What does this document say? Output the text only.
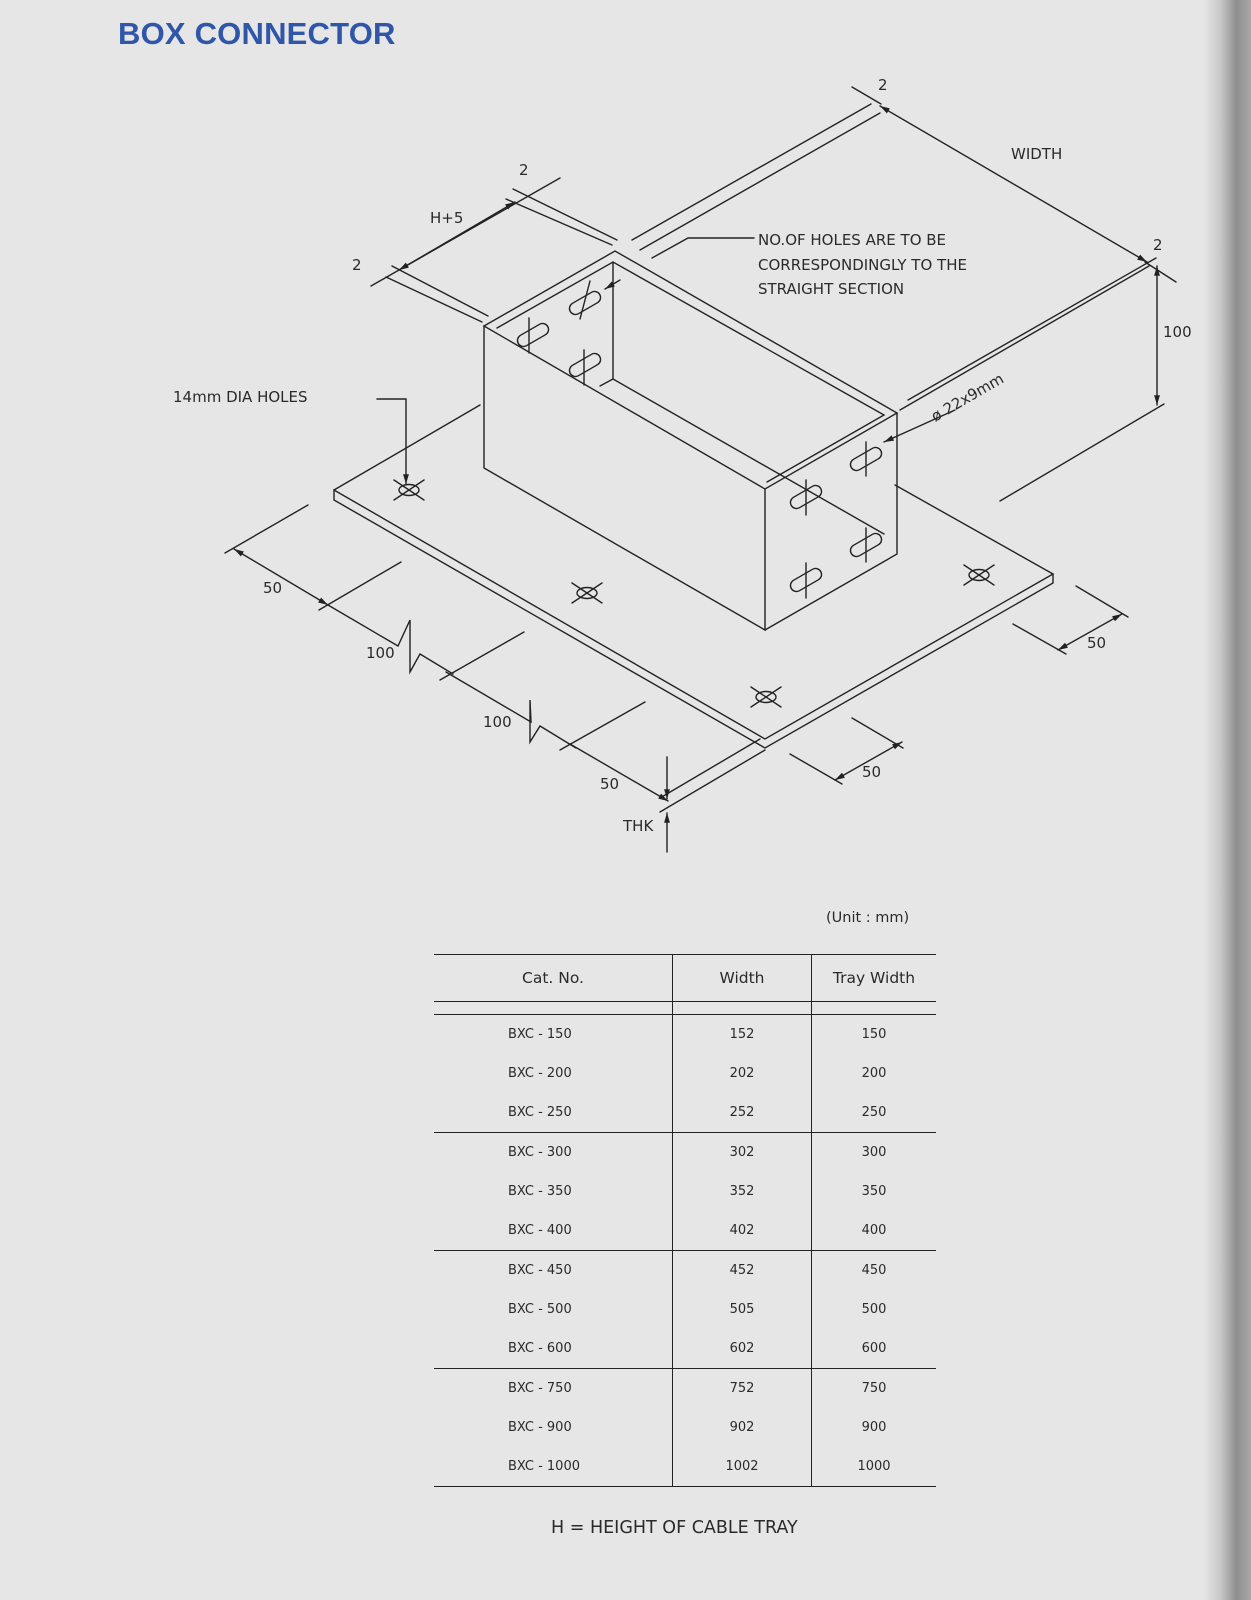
BOX CONNECTOR
WIDTH
H+5
2
2
2
2
100
ø 22x9mm
NO.OF HOLES ARE TO BE
CORRESPONDINGLY TO THE
STRAIGHT SECTION
14mm DIA HOLES
50
100
100
50
THK
50
50
(Unit : mm)
Cat. No.	Width	Tray Width

BXC - 150	152	150
BXC - 200	202	200
BXC - 250	252	250
BXC - 300	302	300
BXC - 350	352	350
BXC - 400	402	400
BXC - 450	452	450
BXC - 500	505	500
BXC - 600	602	600
BXC - 750	752	750
BXC - 900	902	900
BXC - 1000	1002	1000
H = HEIGHT OF CABLE TRAY
